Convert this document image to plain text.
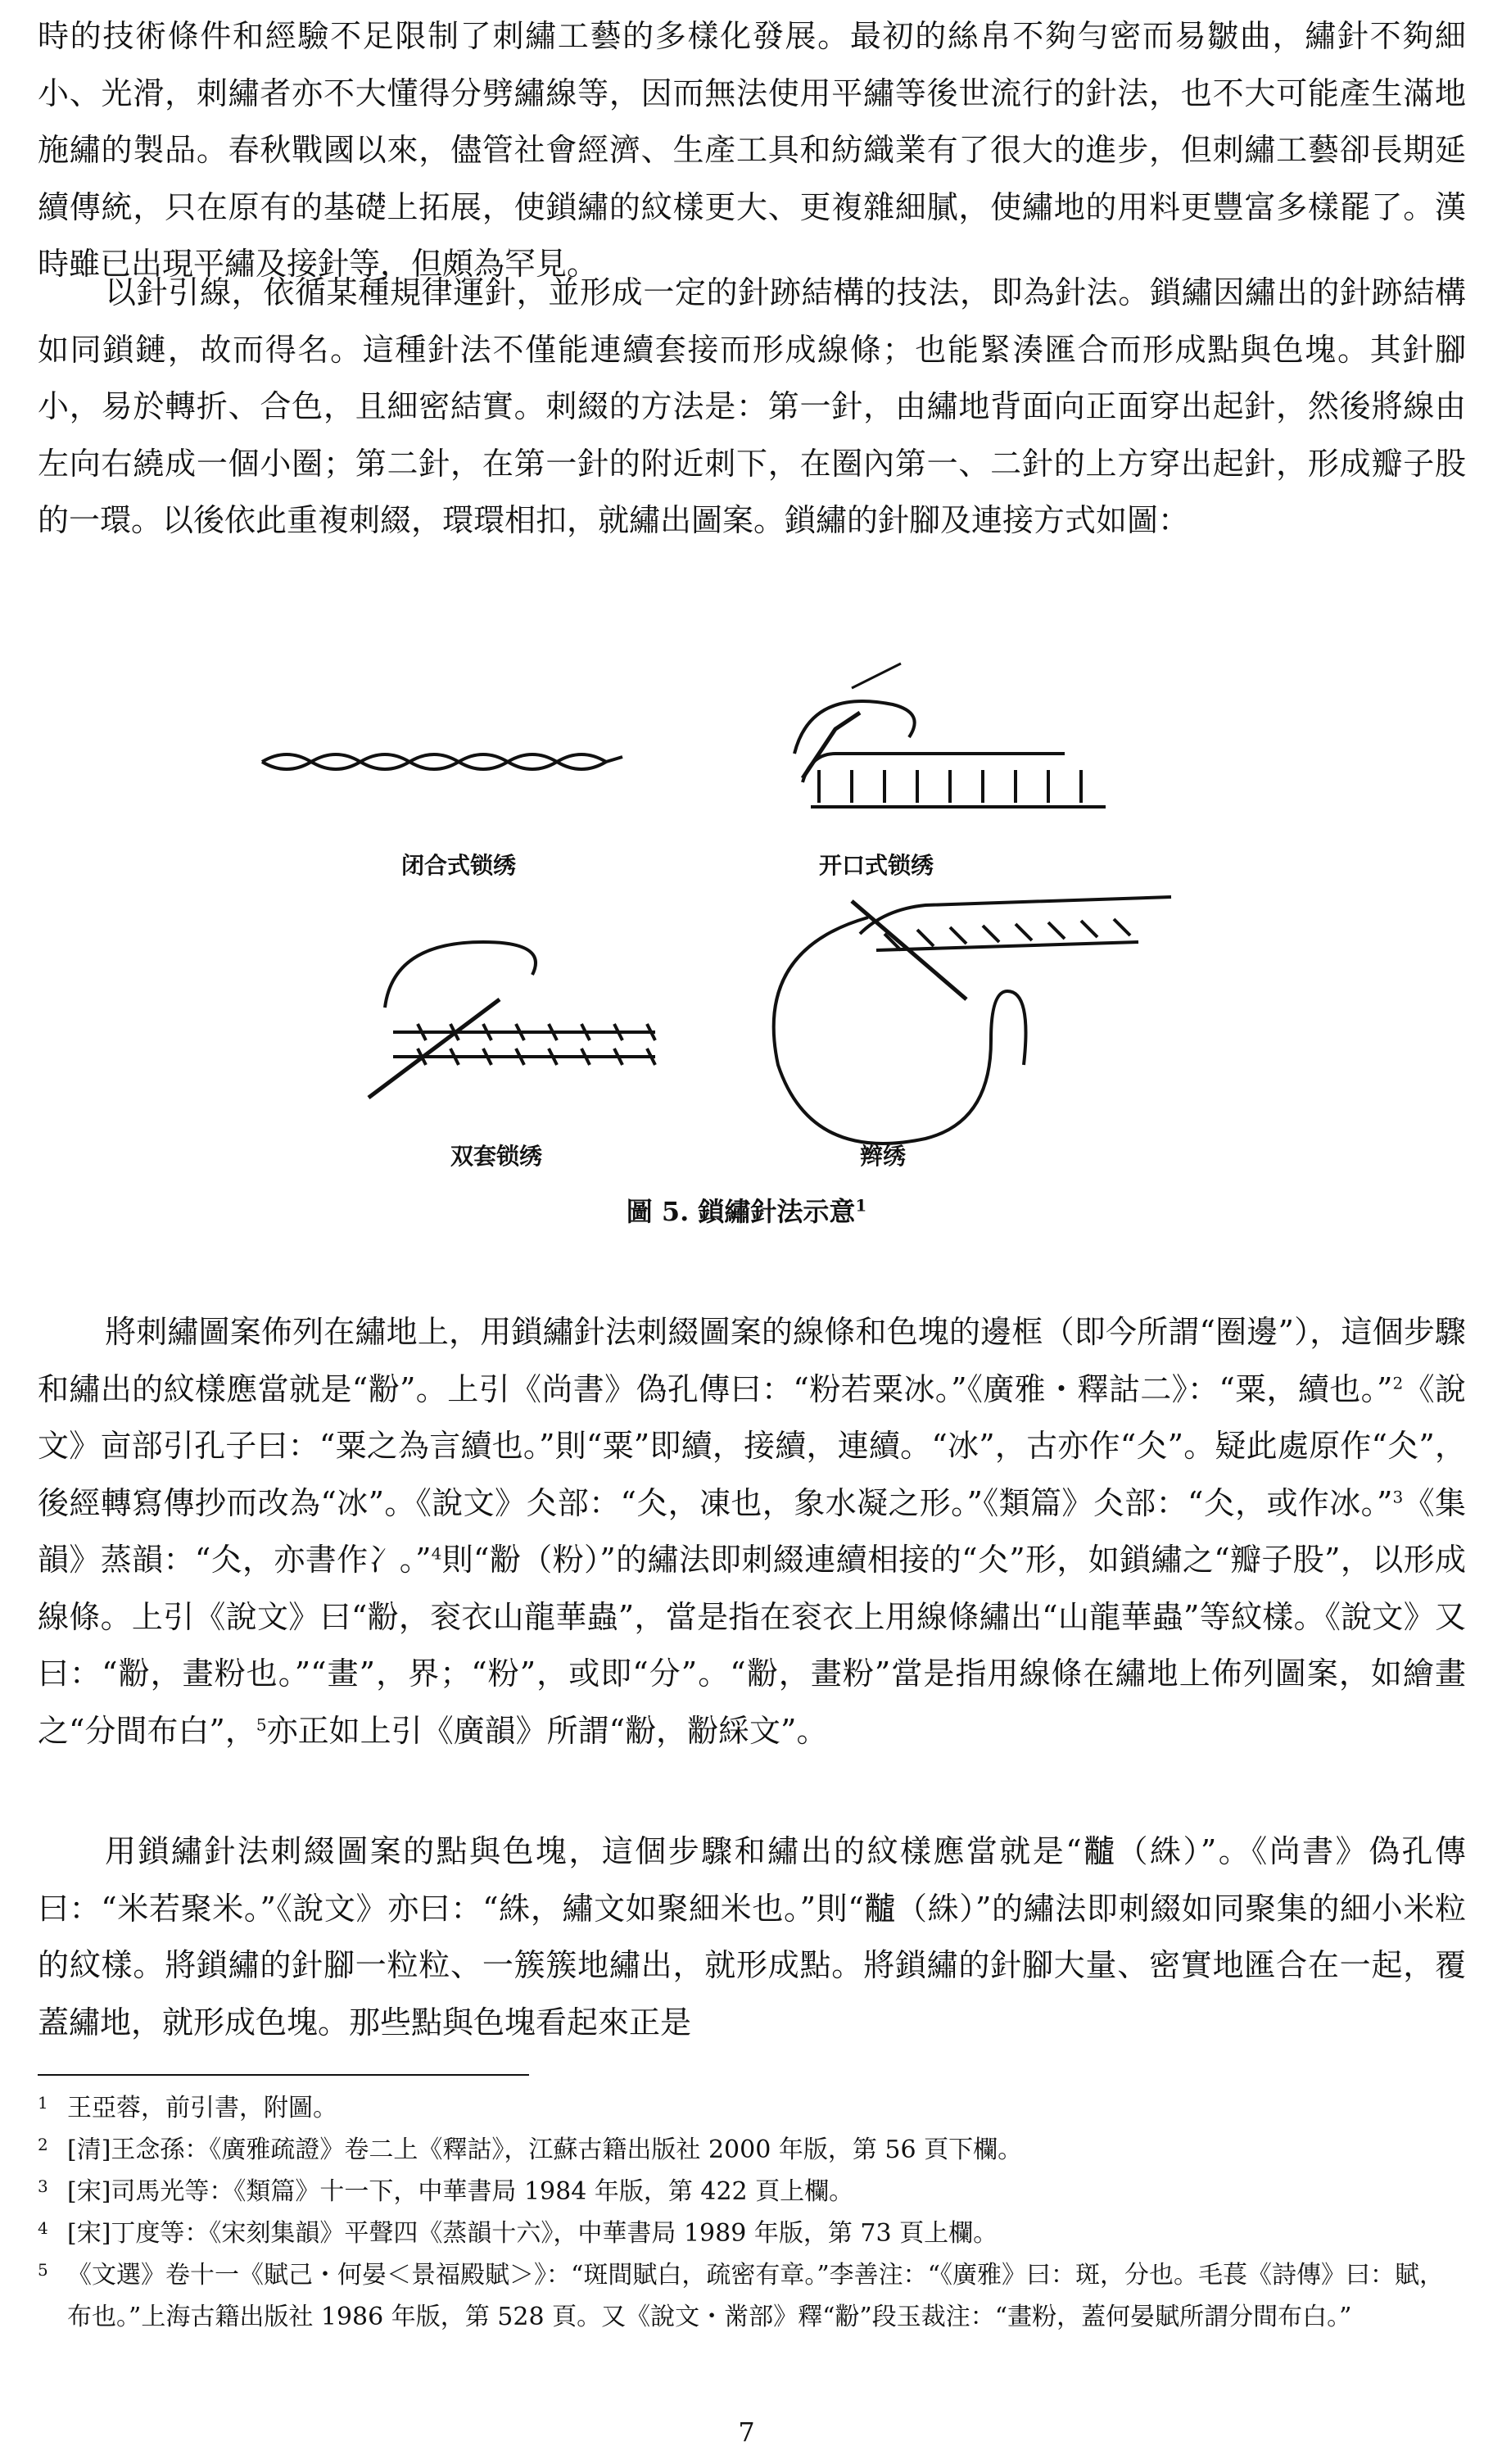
時的技術條件和經驗不足限制了刺繡工藝的多樣化發展。最初的絲帛不夠勻密而易皺曲，繡針不夠細小、光滑，刺繡者亦不大懂得分劈繡線等，因而無法使用平繡等後世流行的針法，也不大可能產生滿地施繡的製品。春秋戰國以來，儘管社會經濟、生產工具和紡織業有了很大的進步，但刺繡工藝卻長期延續傳統，只在原有的基礎上拓展，使鎖繡的紋樣更大、更複雜細膩，使繡地的用料更豐富多樣罷了。漢時雖已出現平繡及接針等，但頗為罕見。

以針引線，依循某種規律運針，並形成一定的針跡結構的技法，即為針法。鎖繡因繡出的針跡結構如同鎖鏈，故而得名。這種針法不僅能連續套接而形成線條；也能緊湊匯合而形成點與色塊。其針腳小，易於轉折、合色，且細密結實。刺綴的方法是：第一針，由繡地背面向正面穿出起針，然後將線由左向右繞成一個小圈；第二針，在第一針的附近刺下，在圈內第一、二針的上方穿出起針，形成瓣子股的一環。以後依此重複刺綴，環環相扣，就繡出圖案。鎖繡的針腳及連接方式如圖：

將刺繡圖案佈列在繡地上，用鎖繡針法刺綴圖案的線條和色塊的邊框（即今所謂“圈邊”），這個步驟和繡出的紋樣應當就是“黺”。上引《尚書》偽孔傳曰：“粉若粟冰。”《廣雅・釋詁二》：“粟，續也。”$^2$《說文》㐭部引孔子曰：“粟之為言續也。”則“粟”即續，接續，連續。“冰”，古亦作“仌”。疑此處原作“仌”，後經轉寫傳抄而改為“冰”。《說文》仌部：“仌，凍也，象水凝之形。”《類篇》仌部：“仌，或作冰。”$^3$《集韻》蒸韻：“仌，亦書作冫。”$^4$則“黺（粉）”的繡法即刺綴連續相接的“仌”形，如鎖繡之“瓣子股”，以形成線條。上引《說文》曰“黺，衮衣山龍華蟲”，當是指在衮衣上用線條繡出“山龍華蟲”等紋樣。《說文》又曰：“黺，畫粉也。”“畫”，界；“粉”，或即“分”。“黺，畫粉”當是指用線條在繡地上佈列圖案，如繪畫之“分間布白”，$^5$亦正如上引《廣韻》所謂“黺，黺綵文”。

用鎖繡針法刺綴圖案的點與色塊，這個步驟和繡出的紋樣應當就是“𪓐（絑）”。《尚書》偽孔傳曰：“米若聚米。”《說文》亦曰：“絑，繡文如聚細米也。”則“𪓐（絑）”的繡法即刺綴如同聚集的細小米粒的紋樣。將鎖繡的針腳一粒粒、一簇簇地繡出，就形成點。將鎖繡的針腳大量、密實地匯合在一起，覆蓋繡地，就形成色塊。那些點與色塊看起來正是

闭合式锁绣	开口式锁绣
双套锁绣	辫绣
圖 5. 鎖繡針法示意$^1$
1 王亞蓉，前引書，附圖。
2 [清]王念孫：《廣雅疏證》卷二上《釋詁》，江蘇古籍出版社 2000 年版，第 56 頁下欄。
3 [宋]司馬光等：《類篇》十一下，中華書局 1984 年版，第 422 頁上欄。
4 [宋]丁度等：《宋刻集韻》平聲四《蒸韻十六》，中華書局 1989 年版，第 73 頁上欄。
5 《文選》卷十一《賦己・何晏＜景福殿賦＞》：“斑間賦白，疏密有章。”李善注：“《廣雅》曰：斑，分也。毛萇《詩傳》曰：賦，布也。”上海古籍出版社 1986 年版，第 528 頁。又《說文・黹部》釋“黺”段玉裁注：“畫粉，蓋何晏賦所謂分間布白。”
7
